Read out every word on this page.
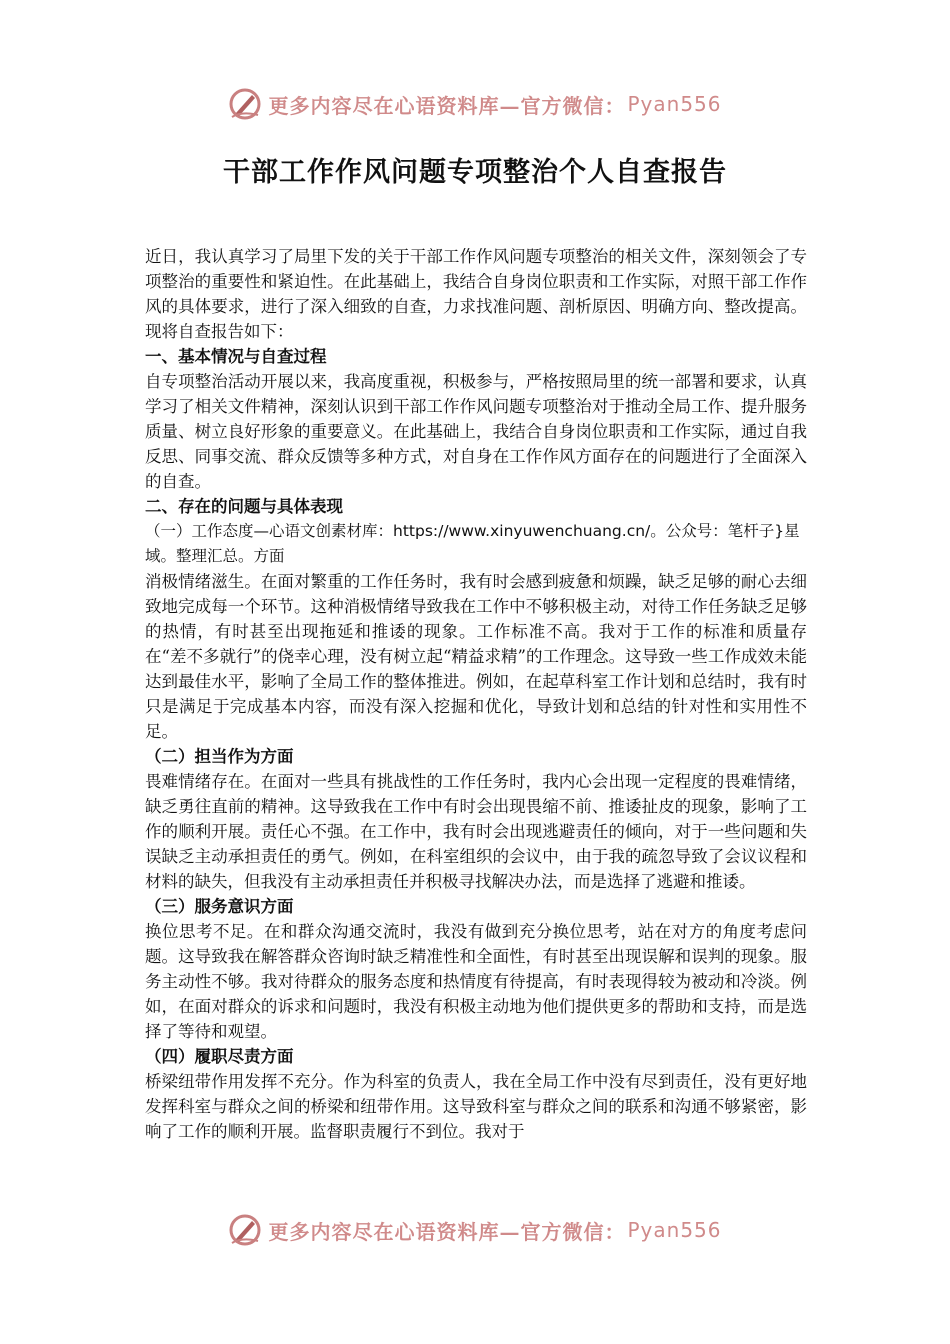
更多内容尽在心语资料库—官方微信： Pyan556
干部工作作风问题专项整治个人自查报告

近日，我认真学习了局里下发的关于干部工作作风问题专项整治的相关文件，深刻领会了专项整治的重要性和紧迫性。在此基础上，我结合自身岗位职责和工作实际，对照干部工作作风的具体要求，进行了深入细致的自查，力求找准问题、剖析原因、明确方向、整改提高。现将自查报告如下：

一、基本情况与自查过程

自专项整治活动开展以来，我高度重视，积极参与，严格按照局里的统一部署和要求，认真学习了相关文件精神，深刻认识到干部工作作风问题专项整治对于推动全局工作、提升服务质量、树立良好形象的重要意义。在此基础上，我结合自身岗位职责和工作实际，通过自我反思、同事交流、群众反馈等多种方式，对自身在工作作风方面存在的问题进行了全面深入的自查。

二、存在的问题与具体表现
（一）工作态度—心语文创素材库：https://www.xinyuwenchuang.cn/。公众号：笔杆子}星域。整理汇总。方面

消极情绪滋生。在面对繁重的工作任务时，我有时会感到疲惫和烦躁，缺乏足够的耐心去细致地完成每一个环节。这种消极情绪导致我在工作中不够积极主动，对待工作任务缺乏足够的热情，有时甚至出现拖延和推诿的现象。工作标准不高。我对于工作的标准和质量存在“差不多就行”的侥幸心理，没有树立起“精益求精”的工作理念。这导致一些工作成效未能达到最佳水平，影响了全局工作的整体推进。例如，在起草科室工作计划和总结时，我有时只是满足于完成基本内容，而没有深入挖掘和优化，导致计划和总结的针对性和实用性不足。

（二）担当作为方面

畏难情绪存在。在面对一些具有挑战性的工作任务时，我内心会出现一定程度的畏难情绪，缺乏勇往直前的精神。这导致我在工作中有时会出现畏缩不前、推诿扯皮的现象，影响了工作的顺利开展。责任心不强。在工作中，我有时会出现逃避责任的倾向，对于一些问题和失误缺乏主动承担责任的勇气。例如，在科室组织的会议中，由于我的疏忽导致了会议议程和材料的缺失，但我没有主动承担责任并积极寻找解决办法，而是选择了逃避和推诿。

（三）服务意识方面

换位思考不足。在和群众沟通交流时，我没有做到充分换位思考，站在对方的角度考虑问题。这导致我在解答群众咨询时缺乏精准性和全面性，有时甚至出现误解和误判的现象。服务主动性不够。我对待群众的服务态度和热情度有待提高，有时表现得较为被动和冷淡。例如，在面对群众的诉求和问题时，我没有积极主动地为他们提供更多的帮助和支持，而是选择了等待和观望。

（四）履职尽责方面

桥梁纽带作用发挥不充分。作为科室的负责人，我在全局工作中没有尽到责任，没有更好地发挥科室与群众之间的桥梁和纽带作用。这导致科室与群众之间的联系和沟通不够紧密，影响了工作的顺利开展。监督职责履行不到位。我对于

更多内容尽在心语资料库—官方微信： Pyan556
